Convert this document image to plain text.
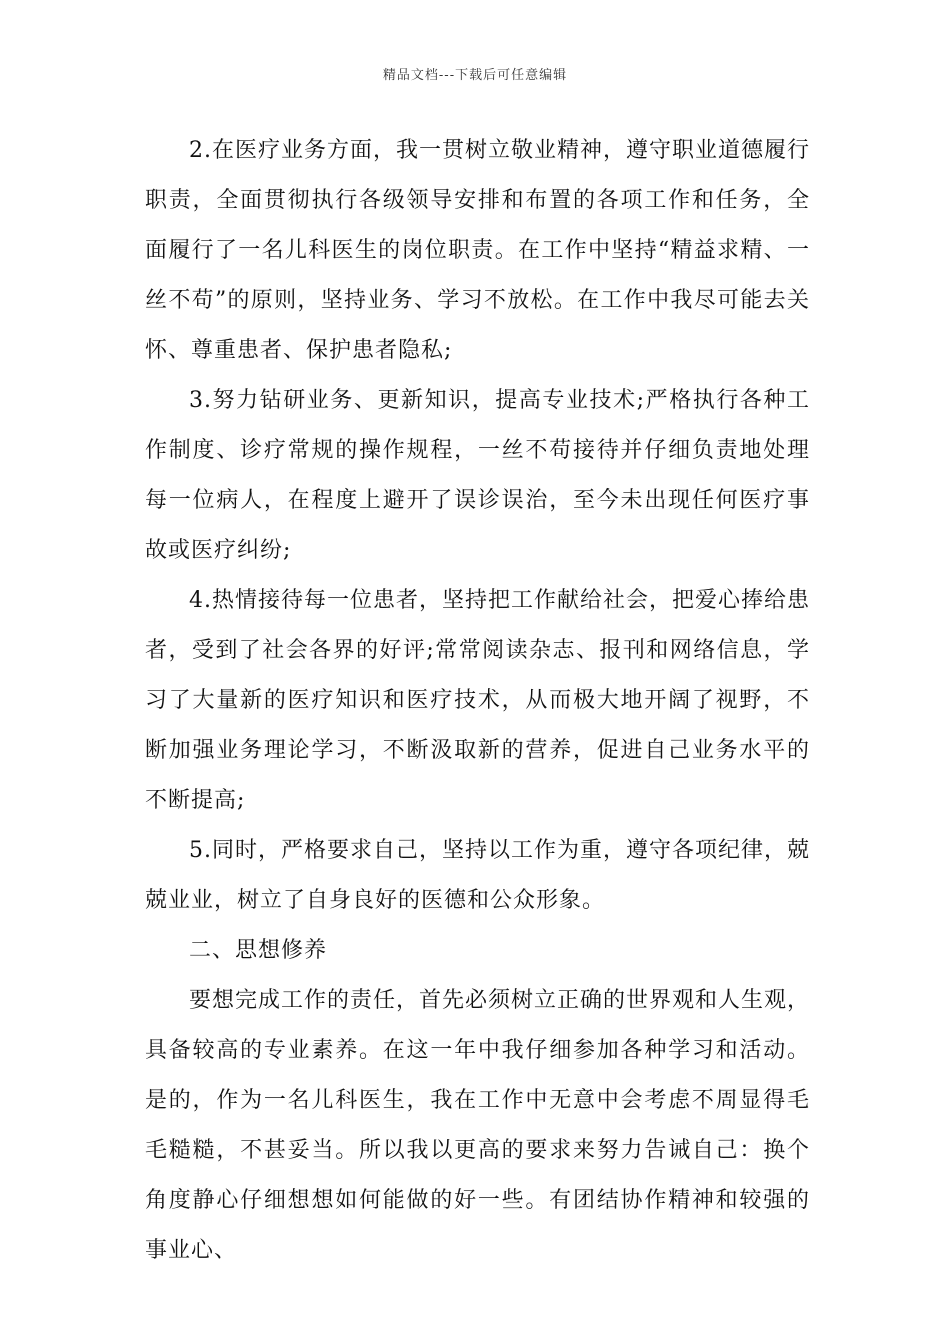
精品文档---下载后可任意编辑

2.在医疗业务方面，我一贯树立敬业精神，遵守职业道德履行职责，全面贯彻执行各级领导安排和布置的各项工作和任务，全面履行了一名儿科医生的岗位职责。在工作中坚持“精益求精、一丝不苟”的原则，坚持业务、学习不放松。在工作中我尽可能去关怀、尊重患者、保护患者隐私;

3.努力钻研业务、更新知识，提高专业技术;严格执行各种工作制度、诊疗常规的操作规程，一丝不苟接待并仔细负责地处理每一位病人，在程度上避开了误诊误治，至今未出现任何医疗事故或医疗纠纷;

4.热情接待每一位患者，坚持把工作献给社会，把爱心捧给患者，受到了社会各界的好评;常常阅读杂志、报刊和网络信息，学习了大量新的医疗知识和医疗技术，从而极大地开阔了视野，不断加强业务理论学习，不断汲取新的营养，促进自己业务水平的不断提高;

5.同时，严格要求自己，坚持以工作为重，遵守各项纪律，兢兢业业，树立了自身良好的医德和公众形象。

二、思想修养

要想完成工作的责任，首先必须树立正确的世界观和人生观，具备较高的专业素养。在这一年中我仔细参加各种学习和活动。是的，作为一名儿科医生，我在工作中无意中会考虑不周显得毛毛糙糙，不甚妥当。所以我以更高的要求来努力告诫自己：换个角度静心仔细想想如何能做的好一些。有团结协作精神和较强的事业心、
